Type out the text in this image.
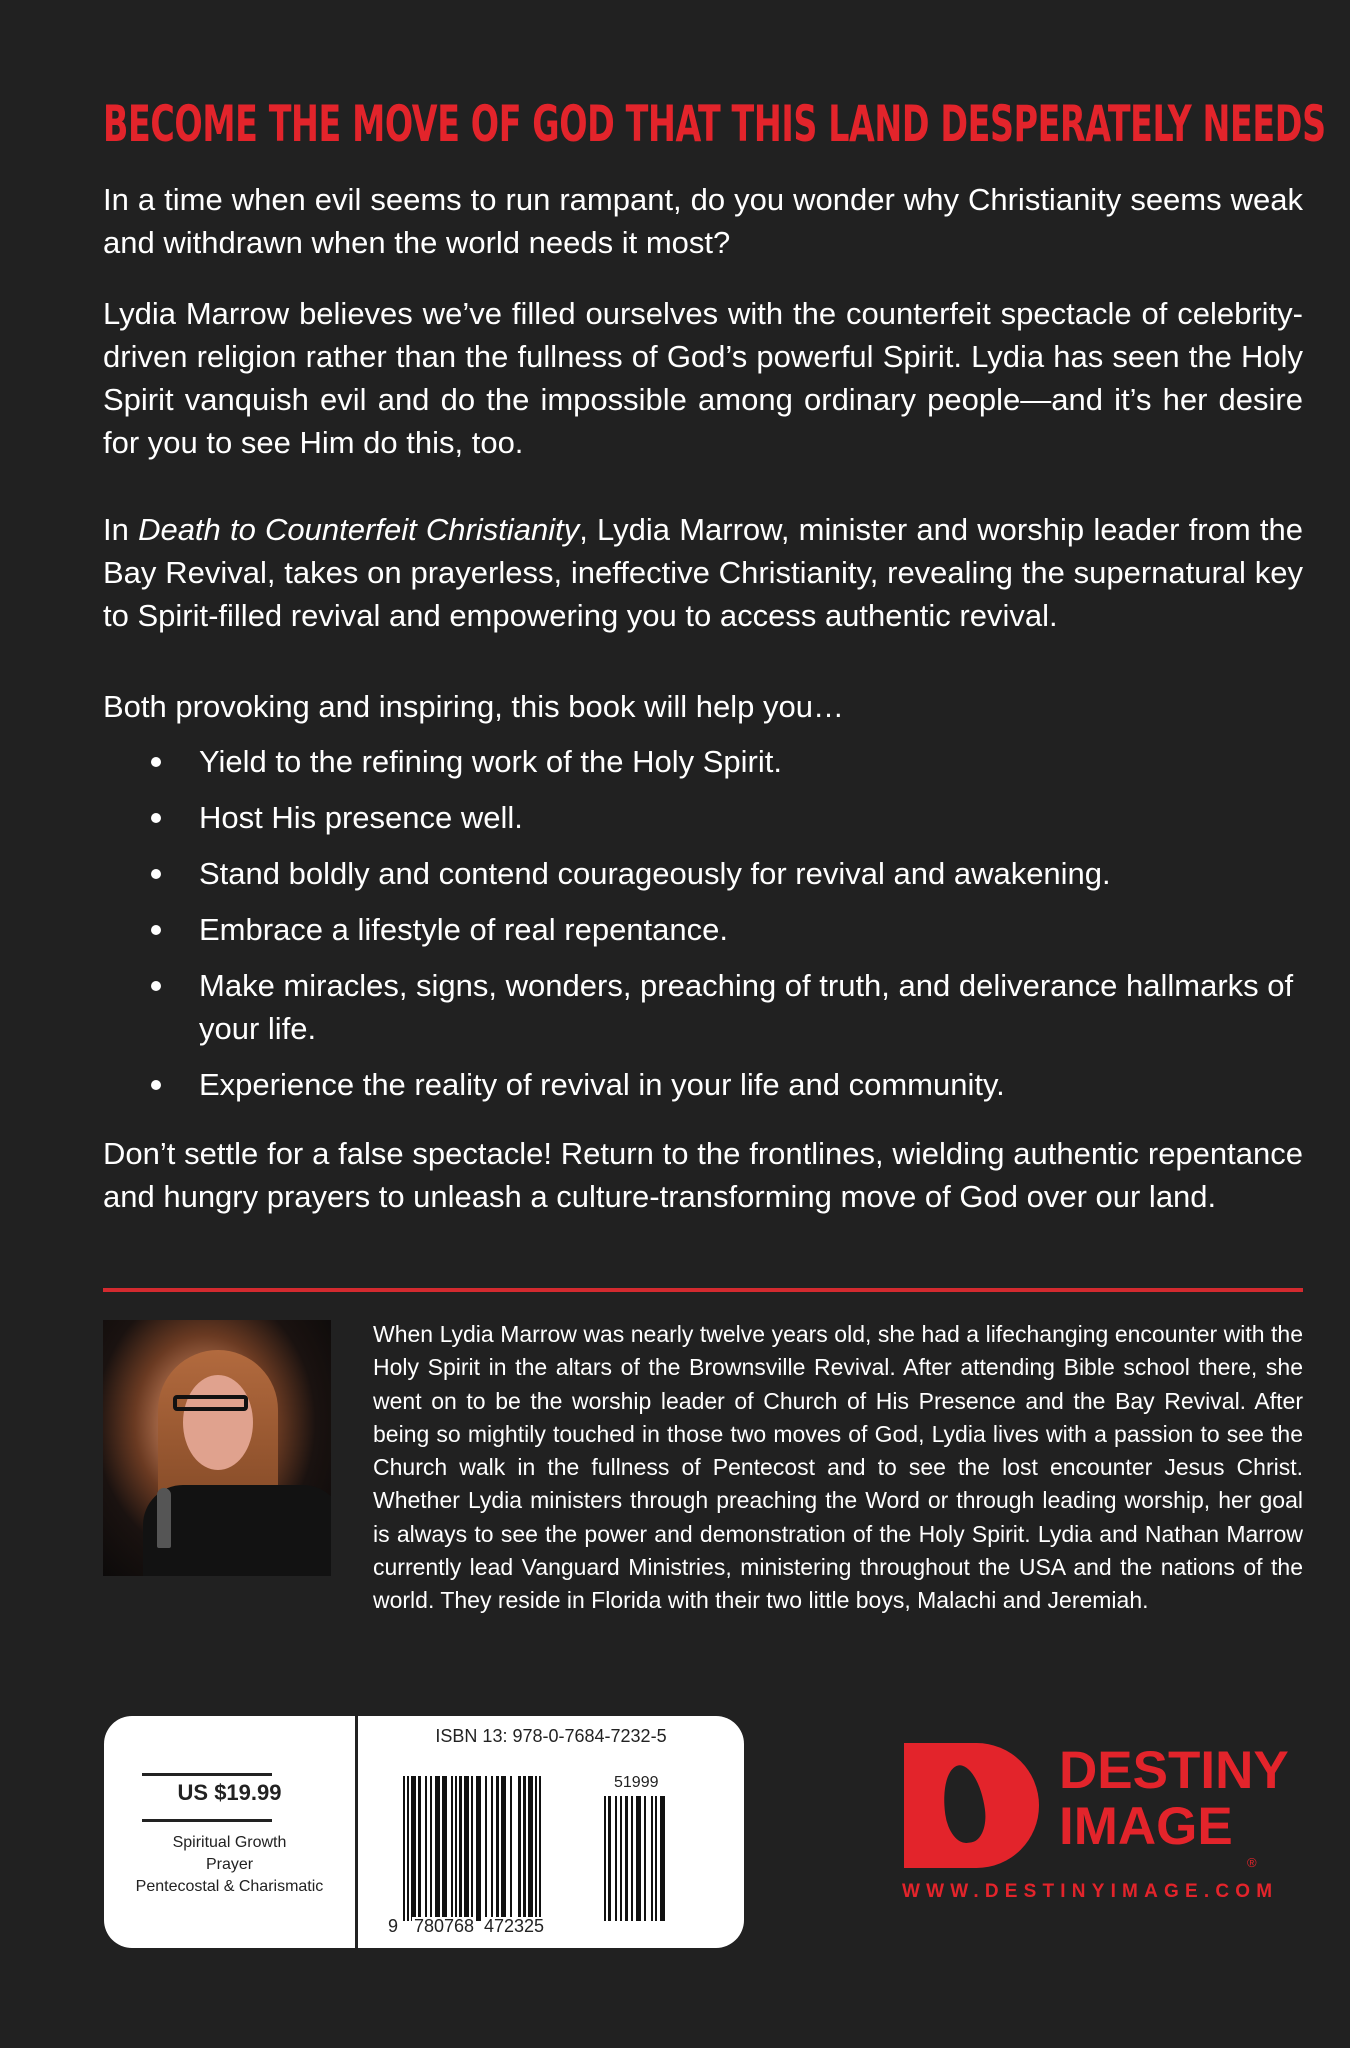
BECOME THE MOVE OF GOD THAT THIS LAND DESPERATELY NEEDS

In a time when evil seems to run rampant, do you wonder why Christianity seems weak and withdrawn when the world needs it most?

Lydia Marrow believes we’ve filled ourselves with the counterfeit spectacle of celebrity-driven religion rather than the fullness of God’s powerful Spirit. Lydia has seen the Holy Spirit vanquish evil and do the impossible among ordinary people—and it’s her desire for you to see Him do this, too.

In Death to Counterfeit Christianity, Lydia Marrow, minister and worship leader from the Bay Revival, takes on prayerless, ineffective Christianity, revealing the supernatural key to Spirit-filled revival and empowering you to access authentic revival.

Both provoking and inspiring, this book will help you…

Yield to the refining work of the Holy Spirit.
Host His presence well.
Stand boldly and contend courageously for revival and awakening.
Embrace a lifestyle of real repentance.
Make miracles, signs, wonders, preaching of truth, and deliverance hallmarks of your life.
Experience the reality of revival in your life and community.

Don’t settle for a false spectacle! Return to the frontlines, wielding authentic repentance and hungry prayers to unleash a culture-transforming move of God over our land.

When Lydia Marrow was nearly twelve years old, she had a lifechanging encounter with the Holy Spirit in the altars of the Brownsville Revival. After attending Bible school there, she went on to be the worship leader of Church of His Presence and the Bay Revival. After being so mightily touched in those two moves of God, Lydia lives with a passion to see the Church walk in the fullness of Pentecost and to see the lost encounter Jesus Christ. Whether Lydia ministers through preaching the Word or through leading worship, her goal is always to see the power and demonstration of the Holy Spirit. Lydia and Nathan Marrow currently lead Vanguard Ministries, ministering throughout the USA and the nations of the world. They reside in Florida with their two little boys, Malachi and Jeremiah.
US $19.99
Spiritual Growth
Prayer
Pentecostal & Charismatic
ISBN 13: 978-0-7684-7232-5
9 780768 472325
51999	DESTINY
IMAGE
®
WWW.DESTINYIMAGE.COM
